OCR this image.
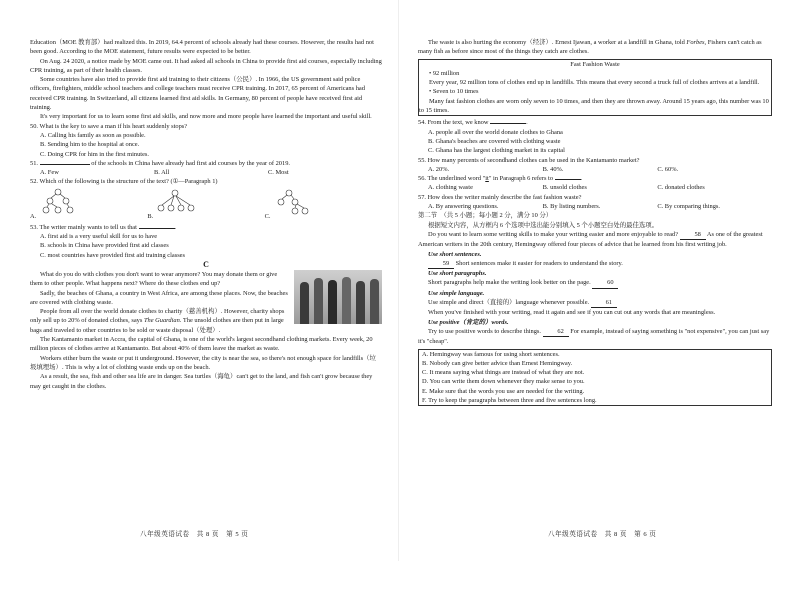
Education（MOE 教育部）had realized this. In 2019, 64.4 percent of schools already had these courses. However, the results had not been good. According to the MOE statement, future results were expected to be better.

On Aug. 24 2020, a notice made by MOE came out. It had asked all schools in China to provide first aid courses, especially including CPR training, as part of their health classes.

Some countries have also tried to provide first aid training to their citizens（公民）. In 1966, the US government said police officers, firefighters, middle school teachers and college teachers must receive CPR training. In 2017, 65 percent of Americans had received CPR training. In Switzerland, all citizens learned first aid skills. In Germany, 80 percent of people have received first aid training.

It's very important for us to learn some first aid skills, and now more and more people have learned the important and useful skill.

50. What is the key to save a man if his heart suddenly stops?

A. Calling his family as soon as possible.

B. Sending him to the hospital at once.

C. Doing CPR for him in the first minutes.

51.	of the schools in China have already had first aid courses by the year of 2019.

A. Few	B. All	C. Most

52. Which of the following is the structure of the text? (①—Paragraph 1)

A.	B.	C.

53. The writer mainly wants to tell us that	.

A. first aid is a very useful skill for us to have

B. schools in China have provided first aid classes

C. most countries have provided first aid training classes

C

What do you do with clothes you don't want to wear anymore? You may donate them or give them to other people. What happens next? Where do these clothes end up?

Sadly, the beaches of Ghana, a country in West Africa, are among these places. Now, the beaches are covered with clothing waste.

People from all over the world donate clothes to charity（慈善机构）. However, charity shops only sell up to 20% of donated clothes, says The Guardian. The unsold clothes are then put in large bags and traveled to other countries to be sold or waste disposal（处理）.

The Kantamanto market in Accra, the capital of Ghana, is one of the world's largest secondhand clothing markets. Every week, 20 million pieces of clothes arrive at Kantamanto. But about 40% of them leave the market as waste.

Workers either burn the waste or put it underground. However, the city is near the sea, so there's not enough space for landfills（垃圾填埋场）. This is why a lot of clothing waste ends up on the beach.

As a result, the sea, fish and other sea life are in danger. Sea turtles（海龟）can't get to the land, and fish can't grow because they may get caught in the clothes.

八年级英语试卷　共 8 页　第 5 页

The waste is also hurting the economy（经济）. Ernest Ijawan, a worker at a landfill in Ghana, told Forbes, Fishers can't catch as many fish as before since most of the things they catch are clothes.

Fast Fashion Waste

• 92 million

Every year, 92 million tons of clothes end up in landfills. This means that every second a truck full of clothes arrives at a landfill.

• Seven to 10 times

Many fast fashion clothes are worn only seven to 10 times, and then they are thrown away. Around 15 years ago, this number was 10 to 15 times.

54. From the text, we know	.

A. people all over the world donate clothes to Ghana

B. Ghana's beaches are covered with clothing waste

C. Ghana has the largest clothing market in its capital

55. How many percents of secondhand clothes can be used in the Kantamanto market?

A. 20%.	B. 40%.	C. 60%.

56. The underlined word "it" in Paragraph 6 refers to	.

A. clothing waste	B. unsold clothes	C. donated clothes

57. How does the writer mainly describe the fast fashion waste?

A. By answering questions.	B. By listing numbers.	C. By comparing things.

第二节　（共 5 小题；每小题 2 分，满分 10 分）

根据短文内容，从方框内 6 个选项中选出能分别填入 5 个小题空白处的最佳选项。

Do you want to learn some writing skills to make your writing easier and more enjoyable to read?	58 As one of the greatest American writers in the 20th century, Hemingway offered four pieces of advice that he learned from his first writing job.

Use short sentences.

59 Short sentences make it easier for readers to understand the story.

Use short paragraphs.

Short paragraphs help make the writing look better on the page.	60

Use simple language.

Use simple and direct（直接的）language whenever possible.	61

When you've finished with your writing, read it again and see if you can cut out any words that are meaningless.

Use positive（肯定的）words.

Try to use positive words to describe things.	62 For example, instead of saying something is "not expensive", you can just say it's "cheap".

A. Hemingway was famous for using short sentences.

B. Nobody can give better advice than Ernest Hemingway.

C. It means saying what things are instead of what they are not.

D. You can write them down whenever they make sense to you.

E. Make sure that the words you use are needed for the writing.

F. Try to keep the paragraphs between three and five sentences long.

八年级英语试卷　共 8 页　第 6 页
